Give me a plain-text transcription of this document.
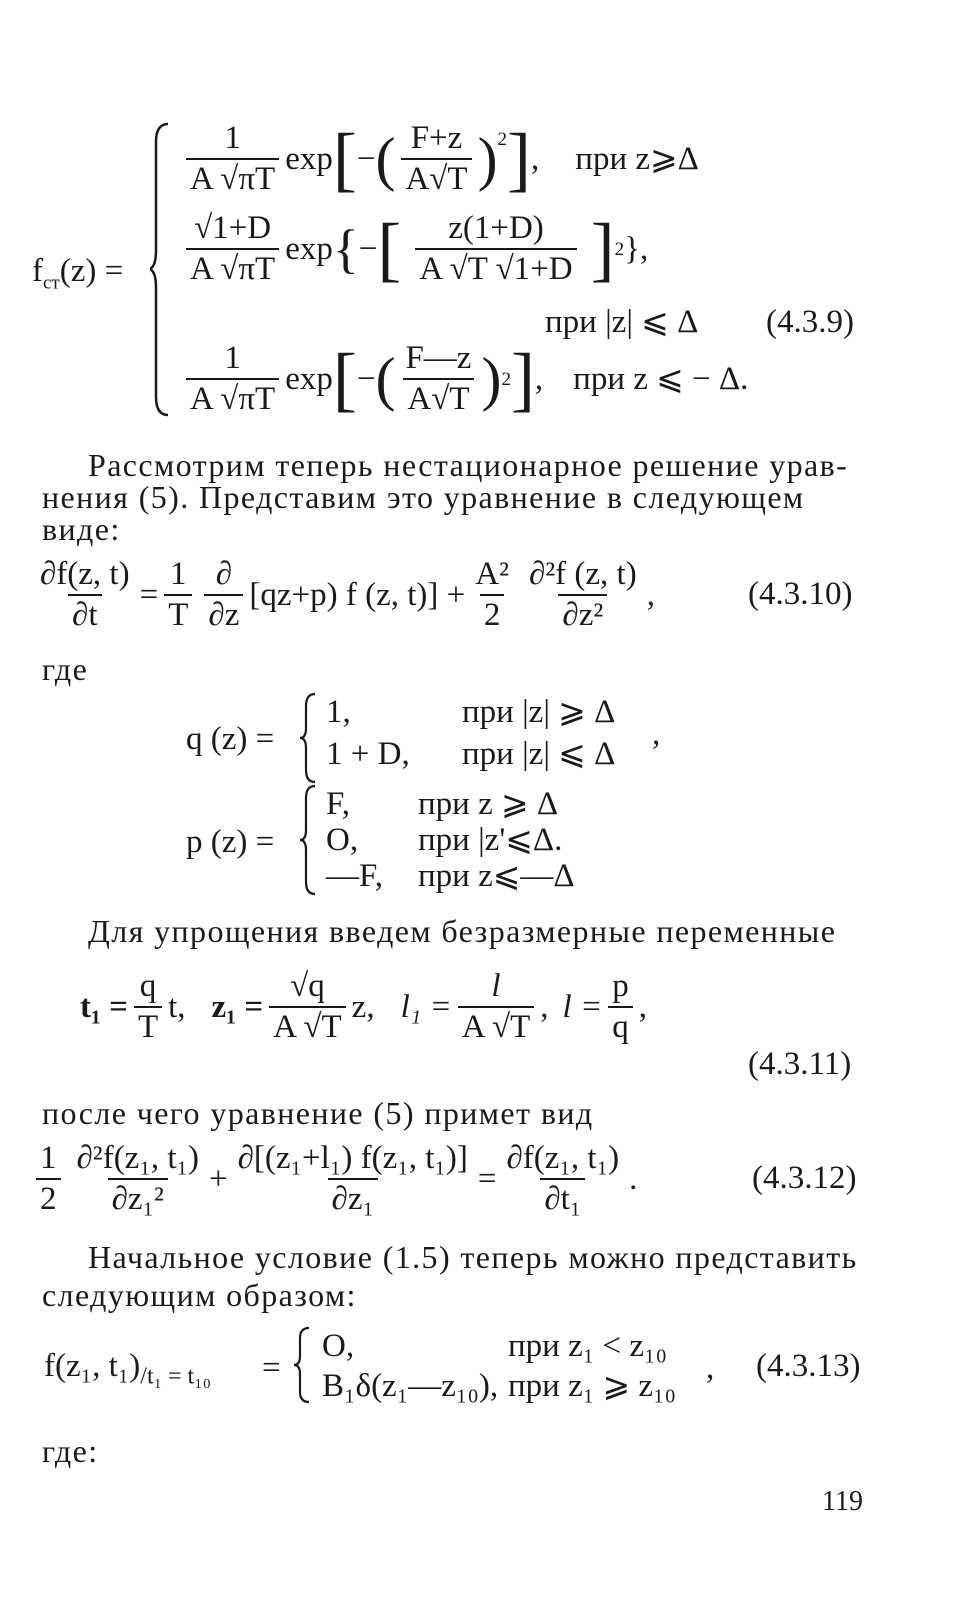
$f_{ст}(z)$ =
$\frac{1}{A √\pi T}$ exp [ − ( $\frac{F+z}{A√T}$ ) 2 ] , при z⩾Δ
$\frac{√1+D}{A √\pi T}$ exp { − [ $\frac{z(1+D)}{A √T √1+D}$ ] 2 },
при |z| ⩽ Δ (4.3.9)
$\frac{1}{A √\pi T}$ exp [ − ( $\frac{F—z}{A√T}$ ) 2 ] , при z ⩽ − Δ.
Рассмотрим теперь нестационарное решение урав-
нения (5). Представим это уравнение в следующем
виде:
$\frac{\partial f(z, t)}{\partial t} = \frac{1}{T} \frac{\partial}{\partial z} [qz+p)$ f (z, $t)] + \frac{\text{A²}}{2} \frac{\text{∂²f (z, t)}}{\text{∂z²}}$ ,	(4.3.10)
где
q (z) =
1,	при |z| ⩾ Δ
1 + D, при |z| ⩽ Δ
,
p (z) =
F, при z ⩾ Δ
O, при |z'⩽Δ.
—F, при z⩽—Δ
Для упрощения введем безразмерные переменные
$t_1 = \frac{q}{T} t$, $z_1 = \frac{√q}{A √T} z$, $l_1 = \frac{l}{A √T}$ , $l = \frac{p}{q}$ ,
(4.3.11)
после чего уравнение (5) примет вид
$\frac{1}{2} \frac{\text{∂²f(z₁, t₁)}}{\text{∂z₁²}} + \frac{\text{∂[(z₁+l₁) f(z₁, t₁)]}}{\text{∂z₁}} = \frac{\text{∂f(z₁, t₁)}}{\text{∂t₁}}$ .	(4.3.12)
Начальное условие (1.5) теперь можно представить
следующим образом:
f(z₁, $t_1)_{/t_1 = t_{10}}$ =
O,	при z₁ < z₁₀
B₁δ(z₁—z₁₀), при z₁ ⩾ z₁₀ , (4.3.13)
где:
119
